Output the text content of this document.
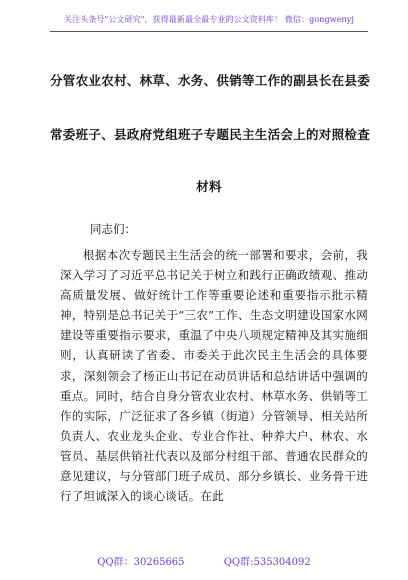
关注头条号"公文研究"，获得最新最全最专业的公文资料库！ 微信：gongwenyj
分管农业农村、林草、水务、供销等工作的副县长在县委
常委班子、县政府党组班子专题民主生活会上的对照检查
材料
同志们：
根据本次专题民主生活会的统一部署和要求，会前，我深入学习了习近平总书记关于树立和践行正确政绩观、推动高质量发展、做好统计工作等重要论述和重要指示批示精神，特别是总书记关于“三农”工作、生态文明建设国家水网建设等重要指示要求，重温了中央八项规定精神及其实施细则，认真研读了省委、市委关于此次民主生活会的具体要求，深刻领会了杨正山书记在动员讲话和总结讲话中强调的重点。同时，结合自身分管农业农村、林草水务、供销等工作的实际，广泛征求了各乡镇（街道）分管领导、相关站所负责人、农业龙头企业、专业合作社、种养大户、林农、水管员、基层供销社代表以及部分村组干部、普通农民群众的意见建议，与分管部门班子成员、部分乡镇长、业务骨干进行了坦诚深入的谈心谈话。在此
QQ群：30265665	QQ群:535304092
